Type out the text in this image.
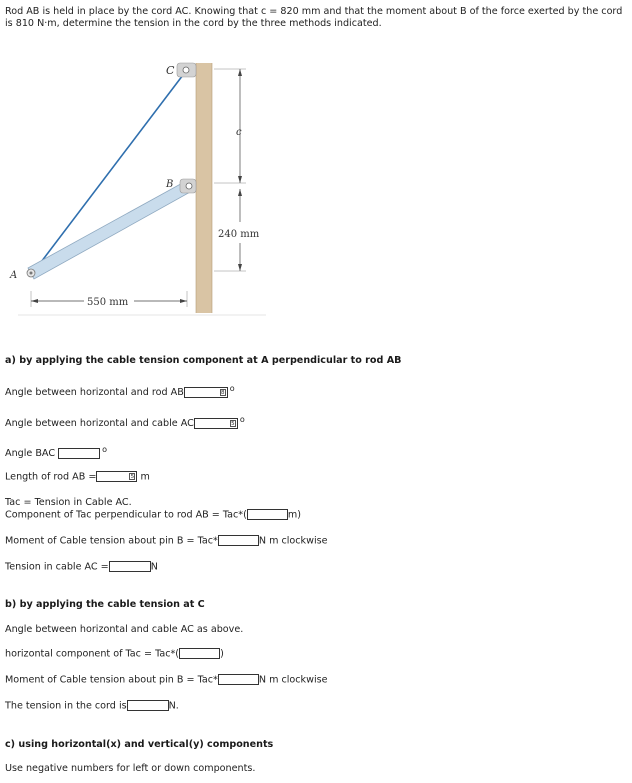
Rod AB is held in place by the cord AC. Knowing that c = 820 mm and that the moment about B of the force exerted by the cord is 810 N·m, determine the tension in the cord by the three methods indicated.
C
B
A
c
240 mm
550 mm
a) by applying the cable tension component at A perpendicular to rod AB
Angle between horizontal and rod AB	8 $^o$
Angle between horizontal and cable AC	5 $^o$
Angle BAC	$^o$
Length of rod AB =	5 m
Tac = Tension in Cable AC.
Component of Tac perpendicular to rod AB = Tac*(	m)
Moment of Cable tension about pin B = Tac*	N m clockwise
Tension in cable AC =	N
b) by applying the cable tension at C
Angle between horizontal and cable AC as above.
horizontal component of Tac = Tac*(	)
Moment of Cable tension about pin B = Tac*	N m clockwise
The tension in the cord is	N.
c) using horizontal(x) and vertical(y) components
Use negative numbers for left or down components.
